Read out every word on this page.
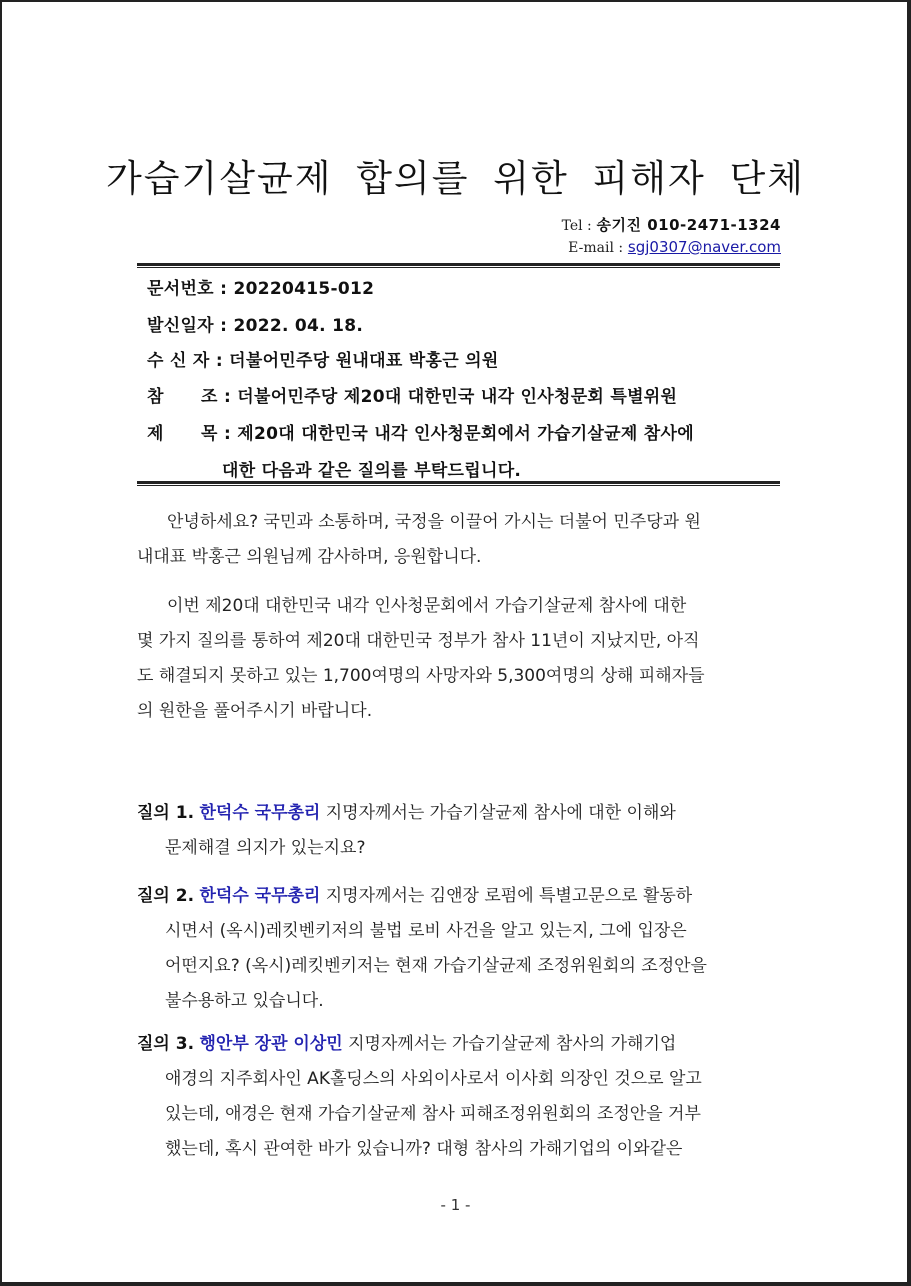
가습기살균제 합의를 위한 피해자 단체
Tel : 송기진 010-2471-1324
E-mail : sgj0307@naver.com
문서번호 : 20220415-012
발신일자 : 2022. 04. 18.
수 신 자 : 더불어민주당 원내대표 박홍근 의원
참      조 : 더불어민주당 제20대 대한민국 내각 인사청문회 특별위원
제      목 : 제20대 대한민국 내각 인사청문회에서 가습기살균제 참사에
대한 다음과 같은 질의를 부탁드립니다.
안녕하세요? 국민과 소통하며, 국정을 이끌어 가시는 더불어 민주당과 원
내대표 박홍근 의원님께 감사하며, 응원합니다.
이번 제20대 대한민국 내각 인사청문회에서 가습기살균제 참사에 대한
몇 가지 질의를 통하여 제20대 대한민국 정부가 참사 11년이 지났지만, 아직
도 해결되지 못하고 있는 1,700여명의 사망자와 5,300여명의 상해 피해자들
의 원한을 풀어주시기 바랍니다.
질의 1. 한덕수 국무총리 지명자께서는 가습기살균제 참사에 대한 이해와
문제해결 의지가 있는지요?
질의 2. 한덕수 국무총리 지명자께서는 김앤장 로펌에 특별고문으로 활동하
시면서 (옥시)레킷벤키저의 불법 로비 사건을 알고 있는지, 그에 입장은
어떤지요? (옥시)레킷벤키저는 현재 가습기살균제 조정위원회의 조정안을
불수용하고 있습니다.
질의 3. 행안부 장관 이상민 지명자께서는 가습기살균제 참사의 가해기업
애경의 지주회사인 AK홀딩스의 사외이사로서 이사회 의장인 것으로 알고
있는데, 애경은 현재 가습기살균제 참사 피해조정위원회의 조정안을 거부
했는데, 혹시 관여한 바가 있습니까? 대형 참사의 가해기업의 이와같은
- 1 -
